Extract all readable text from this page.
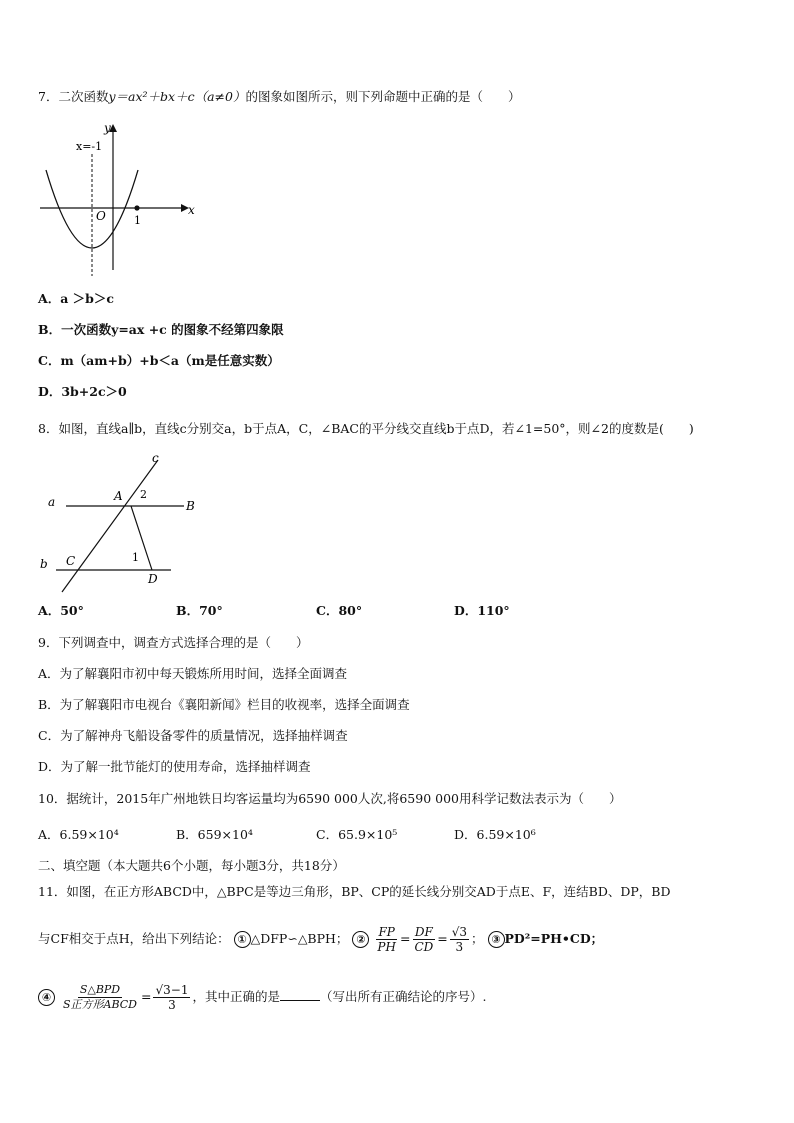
7．二次函数y＝ax²＋bx＋c（a≠0）的图象如图所示，则下列命题中正确的是（　　）
x
y
O	1
x=-1
A．a ＞b＞c
B．一次函数y=ax +c 的图象不经第四象限
C．m（am+b）+b＜a（m是任意实数）
D．3b+2c＞0
8．如图，直线a∥b，直线c分别交a，b于点A，C，∠BAC的平分线交直线b于点D，若∠1=50°，则∠2的度数是(　　)
a
b
c
A
B
C
D
1
2
A．50°	B．70°	C．80°	D．110°
9．下列调查中，调查方式选择合理的是（　　）
A．为了解襄阳市初中每天锻炼所用时间，选择全面调查
B．为了解襄阳市电视台《襄阳新闻》栏目的收视率，选择全面调查
C．为了解神舟飞船设备零件的质量情况，选择抽样调查
D．为了解一批节能灯的使用寿命，选择抽样调查
10．据统计，2015年广州地铁日均客运量均为6590 000人次,将6590 000用科学记数法表示为（　　）
A．6.59×10⁴	B．659×10⁴	C．65.9×10⁵	D．6.59×10⁶
二、填空题（本大题共6个小题，每小题3分，共18分）
11．如图，在正方形ABCD中，△BPC是等边三角形，BP、CP的延长线分别交AD于点E、F，连结BD、DP，BD
与CF相交于点H，给出下列结论： ① △DFP∽△BPH； ② $\frac{FP}{PH} = \frac{DF}{CD} = \frac{√3}{3}$ ； ③ PD²=PH•CD；
④ $\frac{\text{S△BPD}}{\text{S正方形ABCD}} = \frac{√3-1}{3}$ ，其中正确的是	（写出所有正确结论的序号）.
